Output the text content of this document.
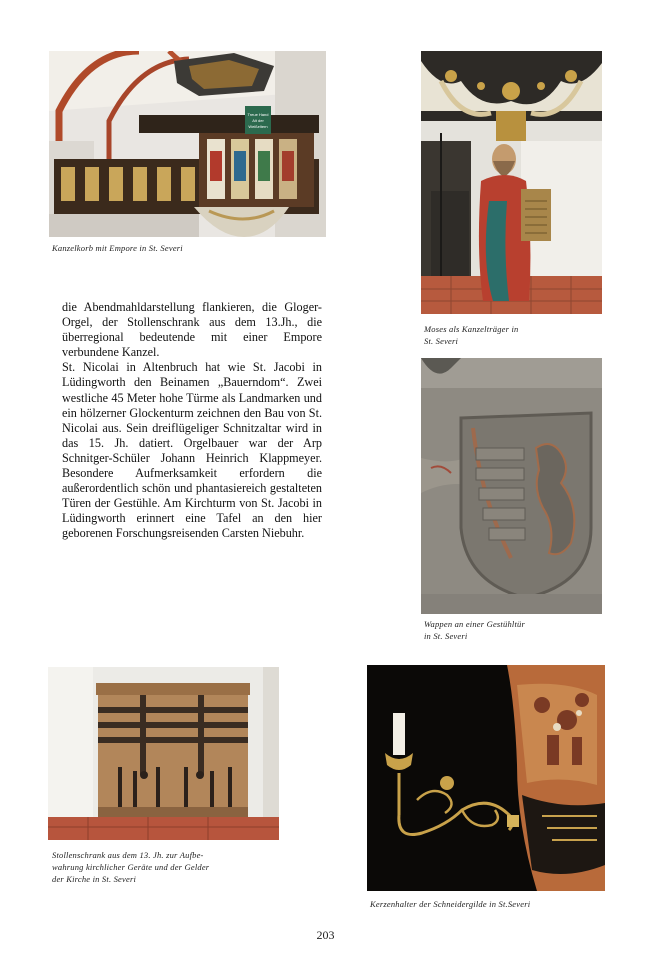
Treue Hand
Alt der
Weißeltern

Kanzelkorb mit Empore in St. Severi

Moses als Kanzelträger in
St. Severi

Wappen an einer Gestühltür
in St. Severi

die Abendmahldarstellung flankieren, die Gloger-Orgel, der Stollenschrank aus dem 13.Jh., die überregional bedeutende mit einer Empore verbundene Kanzel.

St. Nicolai in Altenbruch hat wie St. Jacobi in Lüdingworth den Beinamen „Bauerndom“. Zwei westliche 45 Meter hohe Türme als Landmarken und ein hölzerner Glockenturm zeichnen den Bau von St. Nicolai aus. Sein dreiflügeliger Schnitzaltar wird in das 15. Jh. datiert. Orgelbauer war der Arp Schnitger-Schüler Johann Heinrich Klappmeyer. Besondere Aufmerksamkeit erfordern die außerordentlich schön und phantasiereich gestalteten Türen der Gestühle. Am Kirchturm von St. Jacobi in Lüdingworth erinnert eine Tafel an den hier geborenen Forschungsreisenden Carsten Niebuhr.

Stollenschrank aus dem 13. Jh. zur Aufbe-
wahrung kirchlicher Geräte und der Gelder
der Kirche in St. Severi

Kerzenhalter der Schneidergilde in St.Severi

203
